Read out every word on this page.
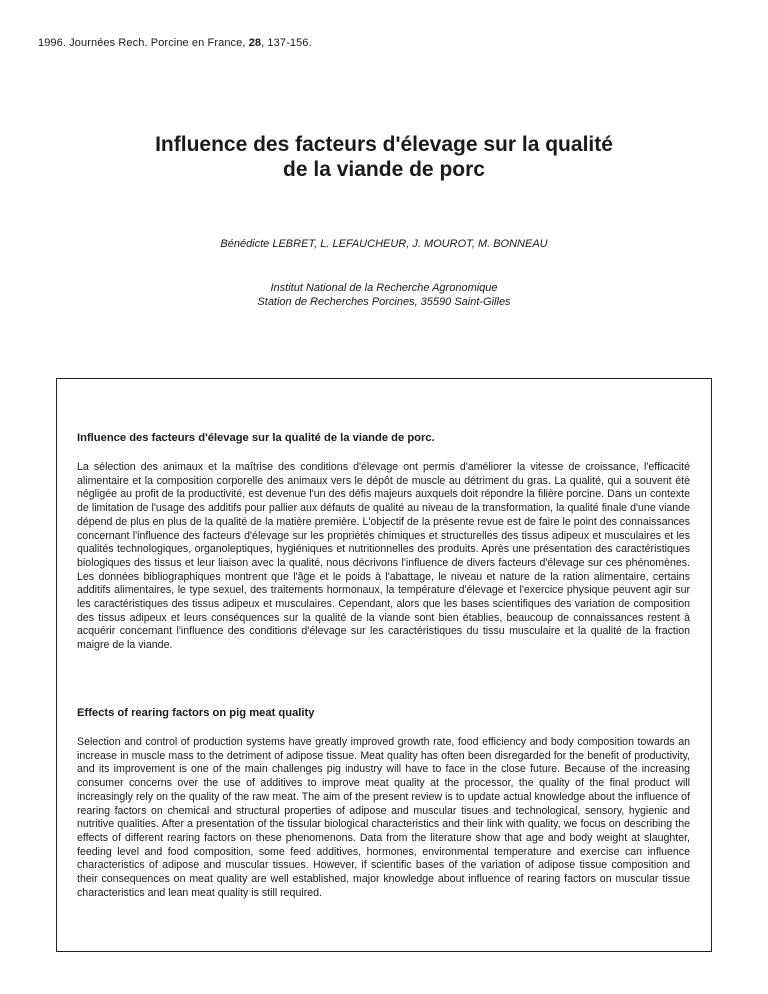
1996. Journées Rech. Porcine en France, 28, 137-156.
Influence des facteurs d'élevage sur la qualité
de la viande de porc
Bénédicte LEBRET, L. LEFAUCHEUR, J. MOUROT, M. BONNEAU
Institut National de la Recherche Agronomique
Station de Recherches Porcines, 35590 Saint-Gilles
Influence des facteurs d'élevage sur la qualité de la viande de porc.
La sélection des animaux et la maîtrise des conditions d'élevage ont permis d'améliorer la vitesse de croissance, l'efficacité alimentaire et la composition corporelle des animaux vers le dépôt de muscle au détriment du gras. La qualité, qui a souvent été négligée au profit de la productivité, est devenue l'un des défis majeurs auxquels doit répondre la filière porcine. Dans un contexte de limitation de l'usage des additifs pour pallier aux défauts de qualité au niveau de la transformation, la qualité finale d'une viande dépend de plus en plus de la qualité de la matière première. L'objectif de la présente revue est de faire le point des connaissances concernant l'influence des facteurs d'élevage sur les propriétés chimiques et structurelles des tissus adipeux et musculaires et les qualités technologiques, organoleptiques, hygiéniques et nutritionnelles des produits. Après une présentation des caractéristiques biologiques des tissus et leur liaison avec la qualité, nous décrivons l'influence de divers facteurs d'élevage sur ces phénomènes. Les données bibliographiques montrent que l'âge et le poids à l'abattage, le niveau et nature de la ration alimentaire, certains additifs alimentaires, le type sexuel, des traitements hormonaux, la température d'élevage et l'exercice physique peuvent agir sur les caractéristiques des tissus adipeux et musculaires. Cependant, alors que les bases scientifiques des variation de composition des tissus adipeux et leurs conséquences sur la qualité de la viande sont bien établies, beaucoup de connaissances restent à acquérir concernant l'influence des conditions d'élevage sur les caractéristiques du tissu musculaire et la qualité de la fraction maigre de la viande.
Effects of rearing factors on pig meat quality
Selection and control of production systems have greatly improved growth rate, food efficiency and body composition towards an increase in muscle mass to the detriment of adipose tissue. Meat quality has often been disregarded for the benefit of productivity, and its improvement is one of the main challenges pig industry will have to face in the close future. Because of the increasing consumer concerns over the use of additives to improve meat quality at the processor, the quality of the final product will increasingly rely on the quality of the raw meat. The aim of the present review is to update actual knowledge about the influence of rearing factors on chemical and structural properties of adipose and muscular tisues and technological, sensory, hygienic and nutritive qualities. After a presentation of the tissular biological characteristics and their link with quality, we focus on describing the effects of different rearing factors on these phenomenons. Data from the literature show that age and body weight at slaughter, feeding level and food composition, some feed additives, hormones, environmental temperature and exercise can influence characteristics of adipose and muscular tissues. However, if scientific bases of the variation of adipose tissue composition and their consequences on meat quality are well established, major knowledge about influence of rearing factors on muscular tissue characteristics and lean meat quality is still required.
